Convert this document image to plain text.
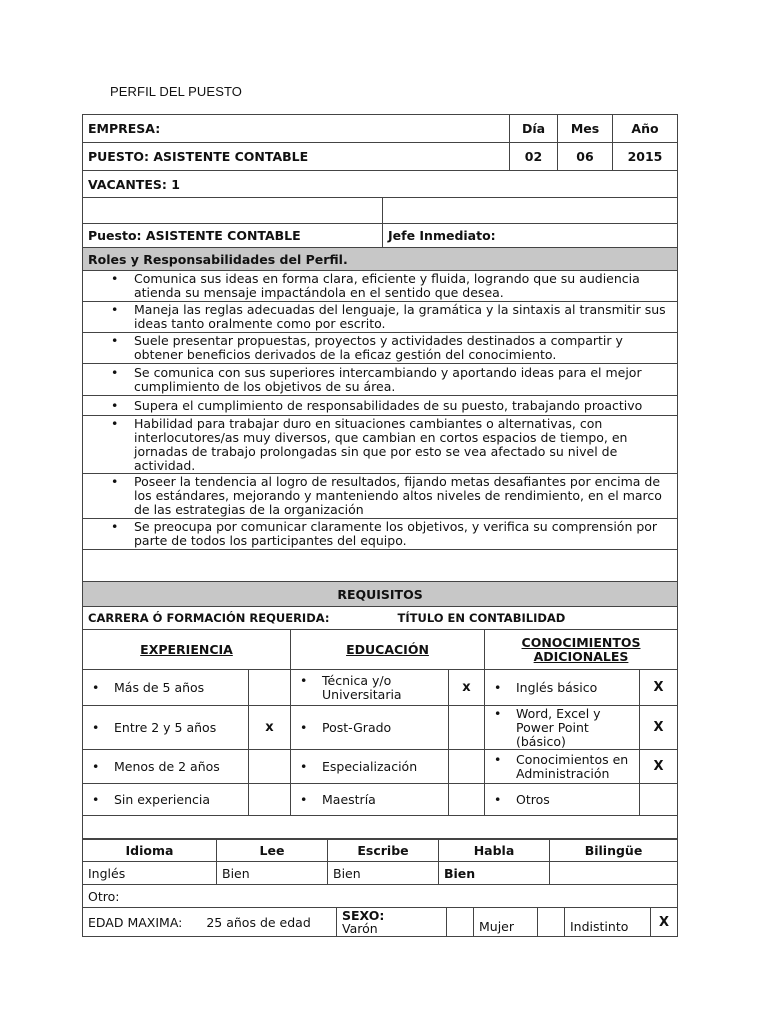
PERFIL DEL PUESTO
EMPRESA:		Día	Mes	Año
PUESTO: ASISTENTE CONTABLE		02	06	2015
VACANTES: 1				

Puesto: ASISTENTE CONTABLE	Jefe Inmediato:			
Roles y Responsabilidades del Perfil.				

• Comunica sus ideas en forma clara, eficiente y fluida, logrando que su audiencia atienda su mensaje impactándola en el sentido que desea.

• Maneja las reglas adecuadas del lenguaje, la gramática y la sintaxis al transmitir sus ideas tanto oralmente como por escrito.

• Suele presentar propuestas, proyectos y actividades destinados a compartir y obtener beneficios derivados de la eficaz gestión del conocimiento.

• Se comunica con sus superiores intercambiando y aportando ideas para el mejor cumplimiento de los objetivos de su área.

• Supera el cumplimiento de responsabilidades de su puesto, trabajando proactivo

• Habilidad para trabajar duro en situaciones cambiantes o alternativas, con interlocutores/as muy diversos, que cambian en cortos espacios de tiempo, en jornadas de trabajo prolongadas sin que por esto se vea afectado su nivel de actividad.

• Poseer la tendencia al logro de resultados, fijando metas desafiantes por encima de los estándares, mejorando y manteniendo altos niveles de rendimiento, en el marco de las estrategias de la organización

• Se preocupa por comunicar claramente los objetivos, y verifica su comprensión por parte de todos los participantes del equipo.

REQUISITOS					
CARRERA Ó FORMACIÓN REQUERIDA: TÍTULO EN CONTABILIDAD					
EXPERIENCIA		EDUCACIÓN		CONOCIMIENTOS ADICIONALES	

• Más de 5 años		• Técnica y/o Universitaria	x	• Inglés básico	X

• Entre 2 y 5 años	x	• Post-Grado		• Word, Excel y Power Point (básico)	X

• Menos de 2 años		• Especialización		• Conocimientos en Administración	X

• Sin experiencia		• Maestría		• Otros

Idioma	Lee	Escribe	Habla	Bilingüe
Inglés	Bien	Bien	Bien	
Otro:				
EDAD MAXIMA: 25 años de edad	SEXO:
Varón		Mujer		Indistinto	X
